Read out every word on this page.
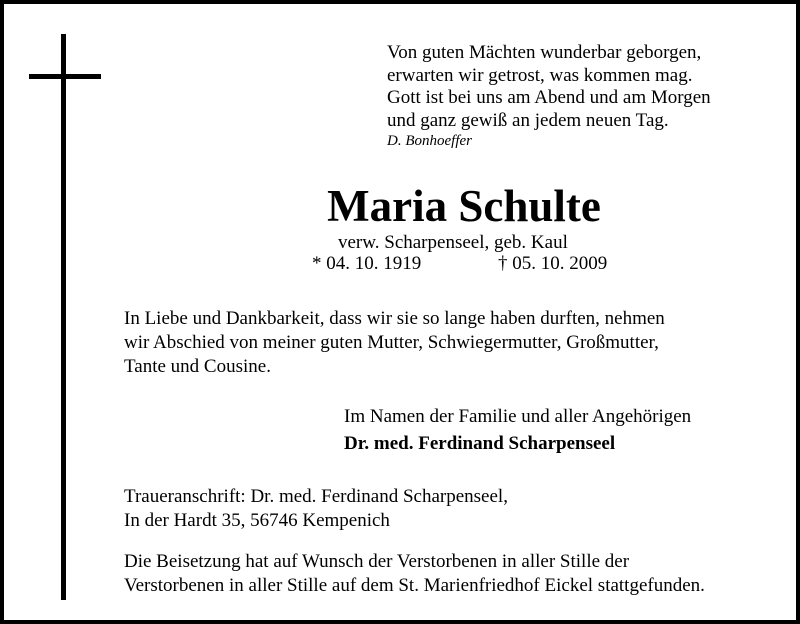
Von guten Mächten wunderbar geborgen,
erwarten wir getrost, was kommen mag.
Gott ist bei uns am Abend und am Morgen
und ganz gewiß an jedem neuen Tag.
D. Bonhoeffer
Maria Schulte
verw. Scharpenseel, geb. Kaul
* 04. 10. 1919	† 05. 10. 2009
In Liebe und Dankbarkeit, dass wir sie so lange haben durften, nehmen
wir Abschied von meiner guten Mutter, Schwiegermutter, Großmutter,
Tante und Cousine.
Im Namen der Familie und aller Angehörigen
Dr. med. Ferdinand Scharpenseel
Traueranschrift: Dr. med. Ferdinand Scharpenseel,
In der Hardt 35, 56746 Kempenich
Die Beisetzung hat auf Wunsch der Verstorbenen in aller Stille der
Verstorbenen in aller Stille auf dem St. Marienfriedhof Eickel stattgefunden.
